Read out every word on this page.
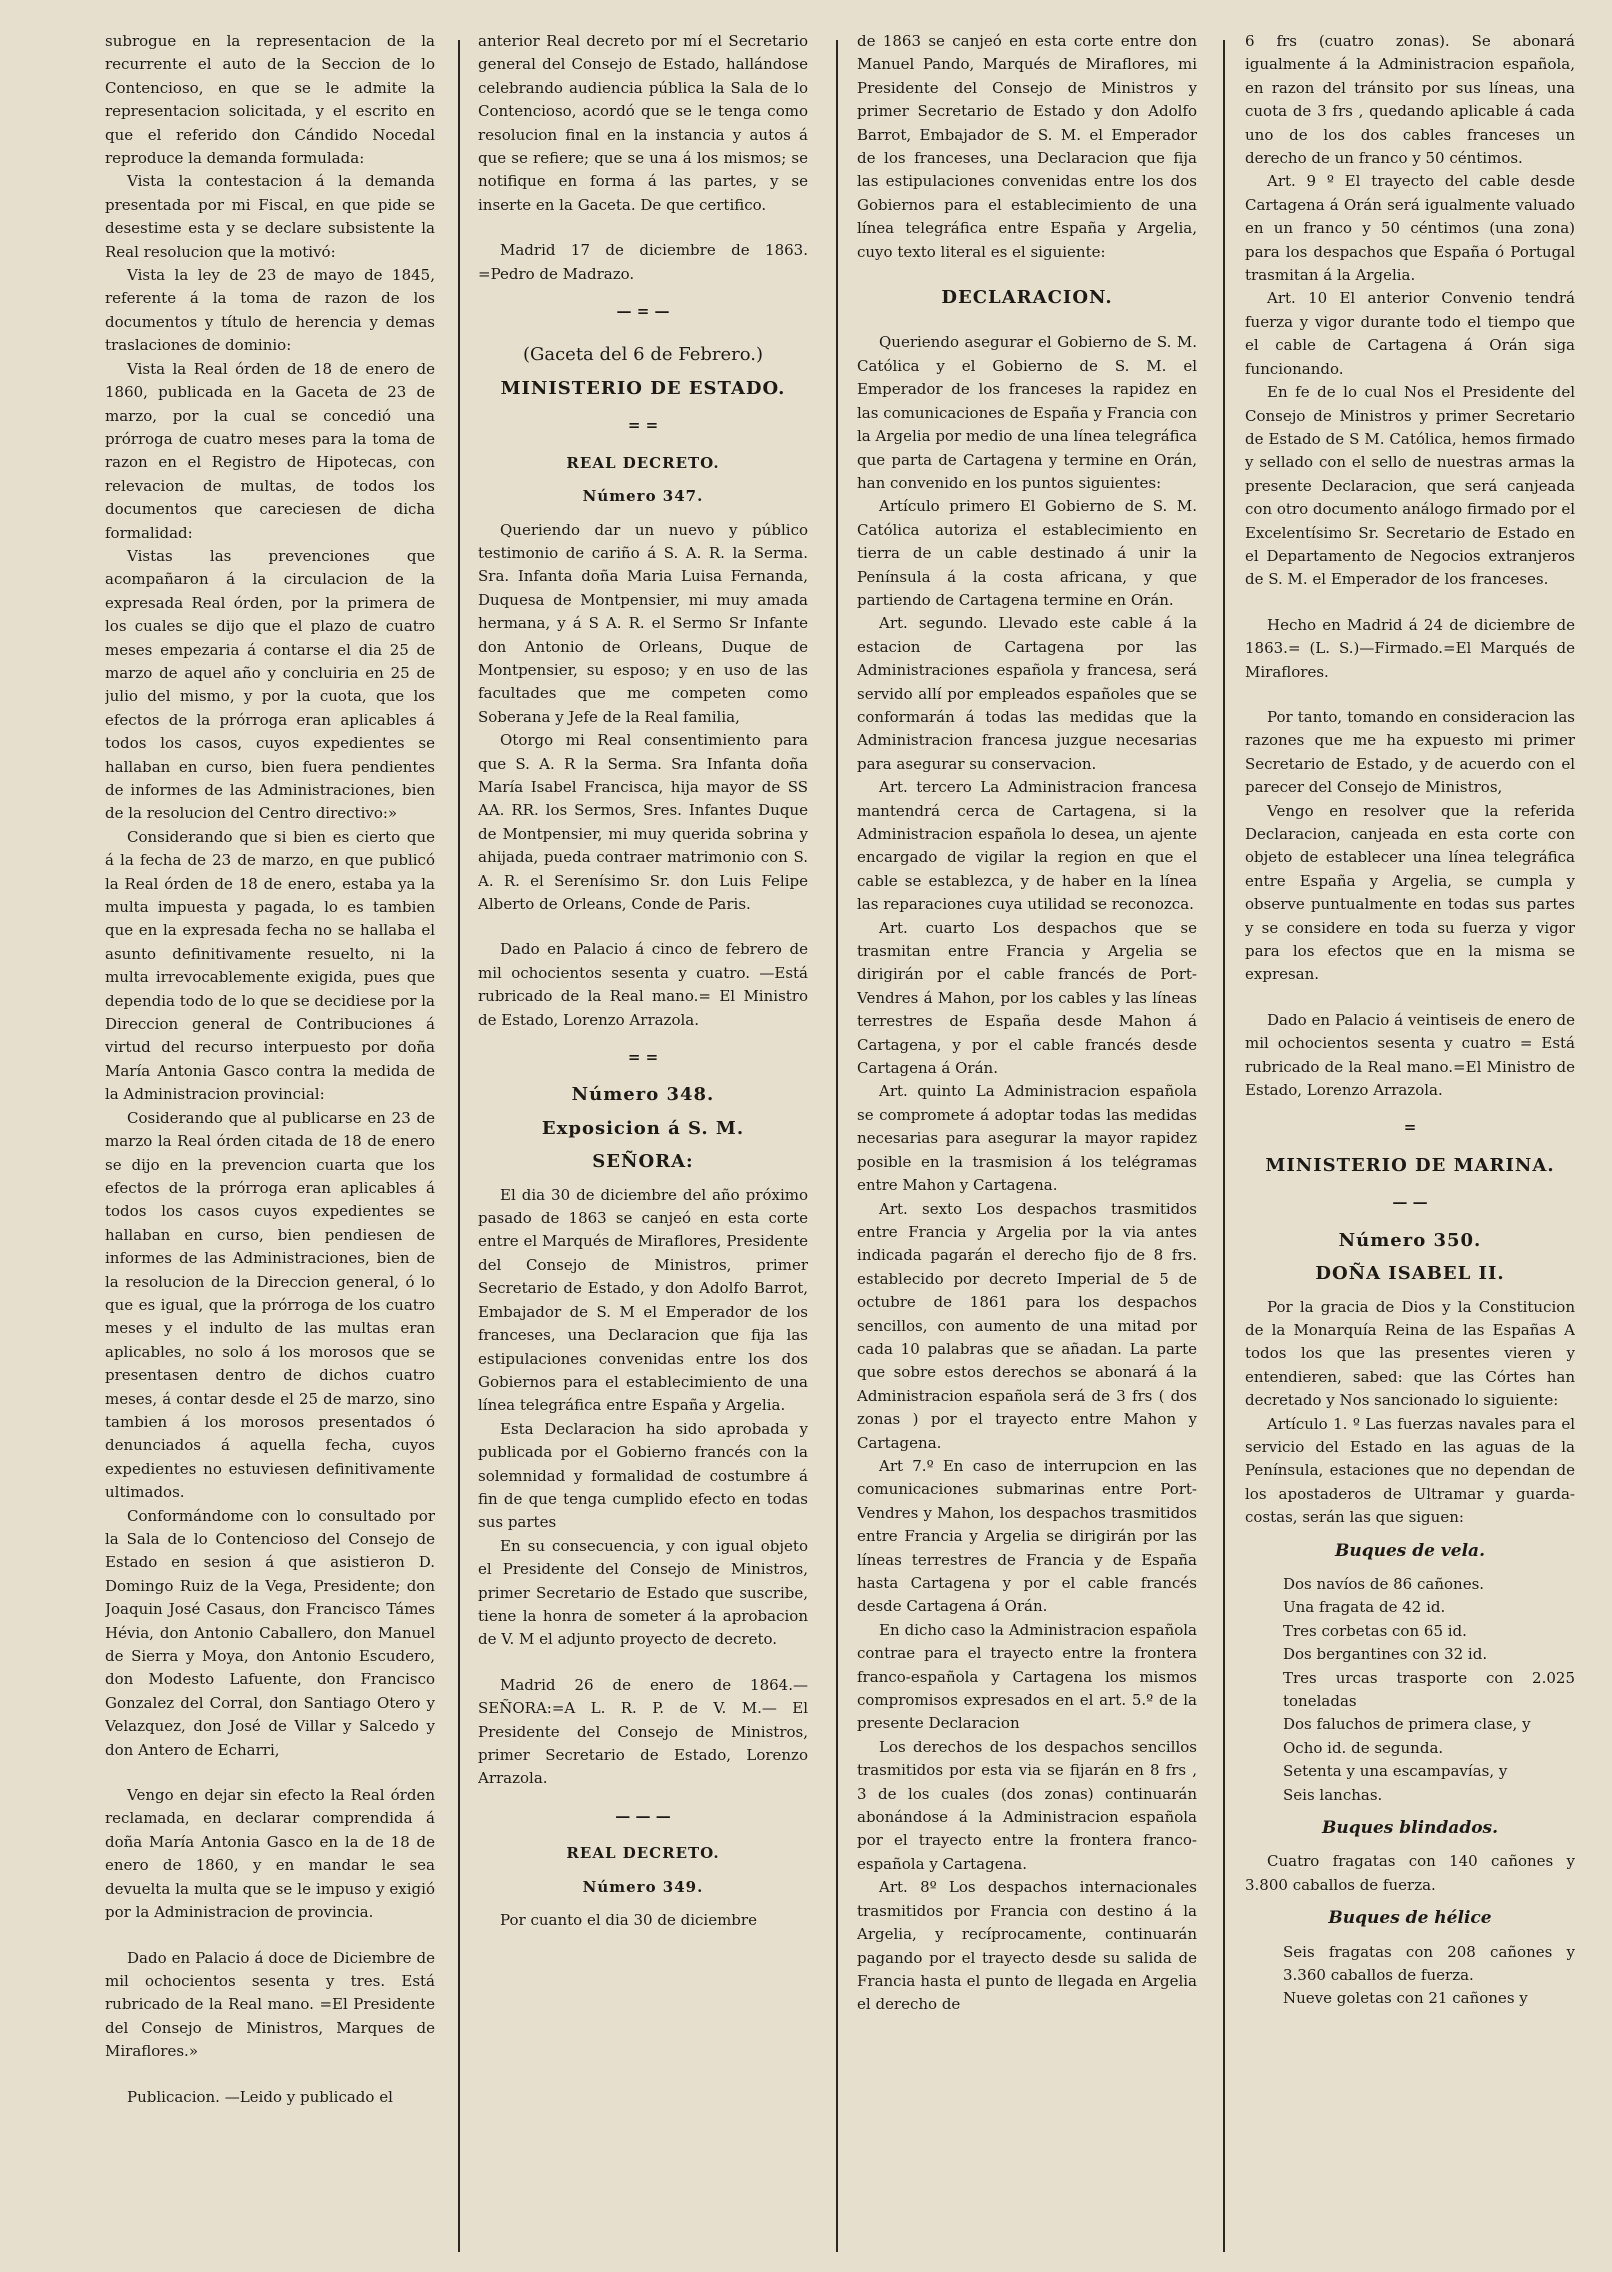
subrogue en la representacion de la recurrente el auto de la Seccion de lo Contencioso, en que se le admite la representacion solicitada, y el escrito en que el referido don Cándido Nocedal reproduce la demanda formulada:

Vista la contestacion á la demanda presentada por mi Fiscal, en que pide se desestime esta y se declare subsistente la Real resolucion que la motivó:

Vista la ley de 23 de mayo de 1845, referente á la toma de razon de los documentos y título de herencia y demas traslaciones de dominio:

Vista la Real órden de 18 de enero de 1860, publicada en la Gaceta de 23 de marzo, por la cual se concedió una prórroga de cuatro meses para la toma de razon en el Registro de Hipotecas, con relevacion de multas, de todos los documentos que careciesen de dicha formalidad:

Vistas las prevenciones que acompañaron á la circulacion de la expresada Real órden, por la primera de los cuales se dijo que el plazo de cuatro meses empezaria á contarse el dia 25 de marzo de aquel año y concluiria en 25 de julio del mismo, y por la cuota, que los efectos de la prórroga eran aplicables á todos los casos, cuyos expedientes se hallaban en curso, bien fuera pendientes de informes de las Administraciones, bien de la resolucion del Centro directivo:»

Considerando que si bien es cierto que á la fecha de 23 de marzo, en que publicó la Real órden de 18 de enero, estaba ya la multa impuesta y pagada, lo es tambien que en la expresada fecha no se hallaba el asunto definitivamente resuelto, ni la multa irrevocablemente exigida, pues que dependia todo de lo que se decidiese por la Direccion general de Contribuciones á virtud del recurso interpuesto por doña María Antonia Gasco contra la medida de la Administracion provincial:

Cosiderando que al publicarse en 23 de marzo la Real órden citada de 18 de enero se dijo en la prevencion cuarta que los efectos de la prórroga eran aplicables á todos los casos cuyos expedientes se hallaban en curso, bien pendiesen de informes de las Administraciones, bien de la resolucion de la Direccion general, ó lo que es igual, que la prórroga de los cuatro meses y el indulto de las multas eran aplicables, no solo á los morosos que se presentasen dentro de dichos cuatro meses, á contar desde el 25 de marzo, sino tambien á los morosos presentados ó denunciados á aquella fecha, cuyos expedientes no estuviesen definitivamente ultimados.

Conformándome con lo consultado por la Sala de lo Contencioso del Consejo de Estado en sesion á que asistieron D. Domingo Ruiz de la Vega, Presidente; don Joaquin José Casaus, don Francisco Támes Hévia, don Antonio Caballero, don Manuel de Sierra y Moya, don Antonio Escudero, don Modesto Lafuente, don Francisco Gonzalez del Corral, don Santiago Otero y Velazquez, don José de Villar y Salcedo y don Antero de Echarri,

Vengo en dejar sin efecto la Real órden reclamada, en declarar comprendida á doña María Antonia Gasco en la de 18 de enero de 1860, y en mandar le sea devuelta la multa que se le impuso y exigió por la Administracion de provincia.

Dado en Palacio á doce de Diciembre de mil ochocientos sesenta y tres. Está rubricado de la Real mano. =El Presidente del Consejo de Ministros, Marques de Miraflores.»

Publicacion. —Leido y publicado el

anterior Real decreto por mí el Secretario general del Consejo de Estado, hallándose celebrando audiencia pública la Sala de lo Contencioso, acordó que se le tenga como resolucion final en la instancia y autos á que se refiere; que se una á los mismos; se notifique en forma á las partes, y se inserte en la Gaceta. De que certifico.

Madrid 17 de diciembre de 1863. =Pedro de Madrazo.

— = —
(Gaceta del 6 de Febrero.)
MINISTERIO DE ESTADO.
= =
REAL DECRETO.
Número 347.

Queriendo dar un nuevo y público testimonio de cariño á S. A. R. la Serma. Sra. Infanta doña Maria Luisa Fernanda, Duquesa de Montpensier, mi muy amada hermana, y á S A. R. el Sermo Sr Infante don Antonio de Orleans, Duque de Montpensier, su esposo; y en uso de las facultades que me competen como Soberana y Jefe de la Real familia,

Otorgo mi Real consentimiento para que S. A. R la Serma. Sra Infanta doña María Isabel Francisca, hija mayor de SS AA. RR. los Sermos, Sres. Infantes Duque de Montpensier, mi muy querida sobrina y ahijada, pueda contraer matrimonio con S. A. R. el Serenísimo Sr. don Luis Felipe Alberto de Orleans, Conde de Paris.

Dado en Palacio á cinco de febrero de mil ochocientos sesenta y cuatro. —Está rubricado de la Real mano.= El Ministro de Estado, Lorenzo Arrazola.

= =
Número 348.
Exposicion á S. M.
SEÑORA:

El dia 30 de diciembre del año próximo pasado de 1863 se canjeó en esta corte entre el Marqués de Miraflores, Presidente del Consejo de Ministros, primer Secretario de Estado, y don Adolfo Barrot, Embajador de S. M el Emperador de los franceses, una Declaracion que fija las estipulaciones convenidas entre los dos Gobiernos para el establecimiento de una línea telegráfica entre España y Argelia.

Esta Declaracion ha sido aprobada y publicada por el Gobierno francés con la solemnidad y formalidad de costumbre á fin de que tenga cumplido efecto en todas sus partes

En su consecuencia, y con igual objeto el Presidente del Consejo de Ministros, primer Secretario de Estado que suscribe, tiene la honra de someter á la aprobacion de V. M el adjunto proyecto de decreto.

Madrid 26 de enero de 1864.— SEÑORA:=A L. R. P. de V. M.— El Presidente del Consejo de Ministros, primer Secretario de Estado, Lorenzo Arrazola.

— — —
REAL DECRETO.
Número 349.

Por cuanto el dia 30 de diciembre

de 1863 se canjeó en esta corte entre don Manuel Pando, Marqués de Miraflores, mi Presidente del Consejo de Ministros y primer Secretario de Estado y don Adolfo Barrot, Embajador de S. M. el Emperador de los franceses, una Declaracion que fija las estipulaciones convenidas entre los dos Gobiernos para el establecimiento de una línea telegráfica entre España y Argelia, cuyo texto literal es el siguiente:

DECLARACION.

Queriendo asegurar el Gobierno de S. M. Católica y el Gobierno de S. M. el Emperador de los franceses la rapidez en las comunicaciones de España y Francia con la Argelia por medio de una línea telegráfica que parta de Cartagena y termine en Orán, han convenido en los puntos siguientes:

Artículo primero El Gobierno de S. M. Católica autoriza el establecimiento en tierra de un cable destinado á unir la Península á la costa africana, y que partiendo de Cartagena termine en Orán.

Art. segundo. Llevado este cable á la estacion de Cartagena por las Administraciones española y francesa, será servido allí por empleados españoles que se conformarán á todas las medidas que la Administracion francesa juzgue necesarias para asegurar su conservacion.

Art. tercero La Administracion francesa mantendrá cerca de Cartagena, si la Administracion española lo desea, un ajente encargado de vigilar la region en que el cable se establezca, y de haber en la línea las reparaciones cuya utilidad se reconozca.

Art. cuarto Los despachos que se trasmitan entre Francia y Argelia se dirigirán por el cable francés de Port-Vendres á Mahon, por los cables y las líneas terrestres de España desde Mahon á Cartagena, y por el cable francés desde Cartagena á Orán.

Art. quinto La Administracion española se compromete á adoptar todas las medidas necesarias para asegurar la mayor rapidez posible en la trasmision á los telégramas entre Mahon y Cartagena.

Art. sexto Los despachos trasmitidos entre Francia y Argelia por la via antes indicada pagarán el derecho fijo de 8 frs. establecido por decreto Imperial de 5 de octubre de 1861 para los despachos sencillos, con aumento de una mitad por cada 10 palabras que se añadan. La parte que sobre estos derechos se abonará á la Administracion española será de 3 frs ( dos zonas ) por el trayecto entre Mahon y Cartagena.

Art 7.º En caso de interrupcion en las comunicaciones submarinas entre Port-Vendres y Mahon, los despachos trasmitidos entre Francia y Argelia se dirigirán por las líneas terrestres de Francia y de España hasta Cartagena y por el cable francés desde Cartagena á Orán.

En dicho caso la Administracion española contrae para el trayecto entre la frontera franco-española y Cartagena los mismos compromisos expresados en el art. 5.º de la presente Declaracion

Los derechos de los despachos sencillos trasmitidos por esta via se fijarán en 8 frs , 3 de los cuales (dos zonas) continuarán abonándose á la Administracion española por el trayecto entre la frontera franco-española y Cartagena.

Art. 8º Los despachos internacionales trasmitidos por Francia con destino á la Argelia, y recíprocamente, continuarán pagando por el trayecto desde su salida de Francia hasta el punto de llegada en Argelia el derecho de

6 frs (cuatro zonas). Se abonará igualmente á la Administracion española, en razon del tránsito por sus líneas, una cuota de 3 frs , quedando aplicable á cada uno de los dos cables franceses un derecho de un franco y 50 céntimos.

Art. 9 º El trayecto del cable desde Cartagena á Orán será igualmente valuado en un franco y 50 céntimos (una zona) para los despachos que España ó Portugal trasmitan á la Argelia.

Art. 10 El anterior Convenio tendrá fuerza y vigor durante todo el tiempo que el cable de Cartagena á Orán siga funcionando.

En fe de lo cual Nos el Presidente del Consejo de Ministros y primer Secretario de Estado de S M. Católica, hemos firmado y sellado con el sello de nuestras armas la presente Declaracion, que será canjeada con otro documento análogo firmado por el Excelentísimo Sr. Secretario de Estado en el Departamento de Negocios extranjeros de S. M. el Emperador de los franceses.

Hecho en Madrid á 24 de diciembre de 1863.= (L. S.)—Firmado.=El Marqués de Miraflores.

Por tanto, tomando en consideracion las razones que me ha expuesto mi primer Secretario de Estado, y de acuerdo con el parecer del Consejo de Ministros,

Vengo en resolver que la referida Declaracion, canjeada en esta corte con objeto de establecer una línea telegráfica entre España y Argelia, se cumpla y observe puntualmente en todas sus partes y se considere en toda su fuerza y vigor para los efectos que en la misma se expresan.

Dado en Palacio á veintiseis de enero de mil ochocientos sesenta y cuatro = Está rubricado de la Real mano.=El Ministro de Estado, Lorenzo Arrazola.

=
MINISTERIO DE MARINA.
— —
Número 350.
DOÑA ISABEL II.

Por la gracia de Dios y la Constitucion de la Monarquía Reina de las Españas A todos los que las presentes vieren y entendieren, sabed: que las Córtes han decretado y Nos sancionado lo siguiente:

Artículo 1. º Las fuerzas navales para el servicio del Estado en las aguas de la Península, estaciones que no dependan de los apostaderos de Ultramar y guarda-costas, serán las que siguen:

Buques de vela.
Dos navíos de 86 cañones.
Una fragata de 42 id.
Tres corbetas con 65 id.
Dos bergantines con 32 id.
Tres urcas trasporte con 2.025 toneladas
Dos faluchos de primera clase, y
Ocho id. de segunda.
Setenta y una escampavías, y
Seis lanchas.
Buques blindados.

Cuatro fragatas con 140 cañones y 3.800 caballos de fuerza.

Buques de hélice
Seis fragatas con 208 cañones y 3.360 caballos de fuerza.
Nueve goletas con 21 cañones y
